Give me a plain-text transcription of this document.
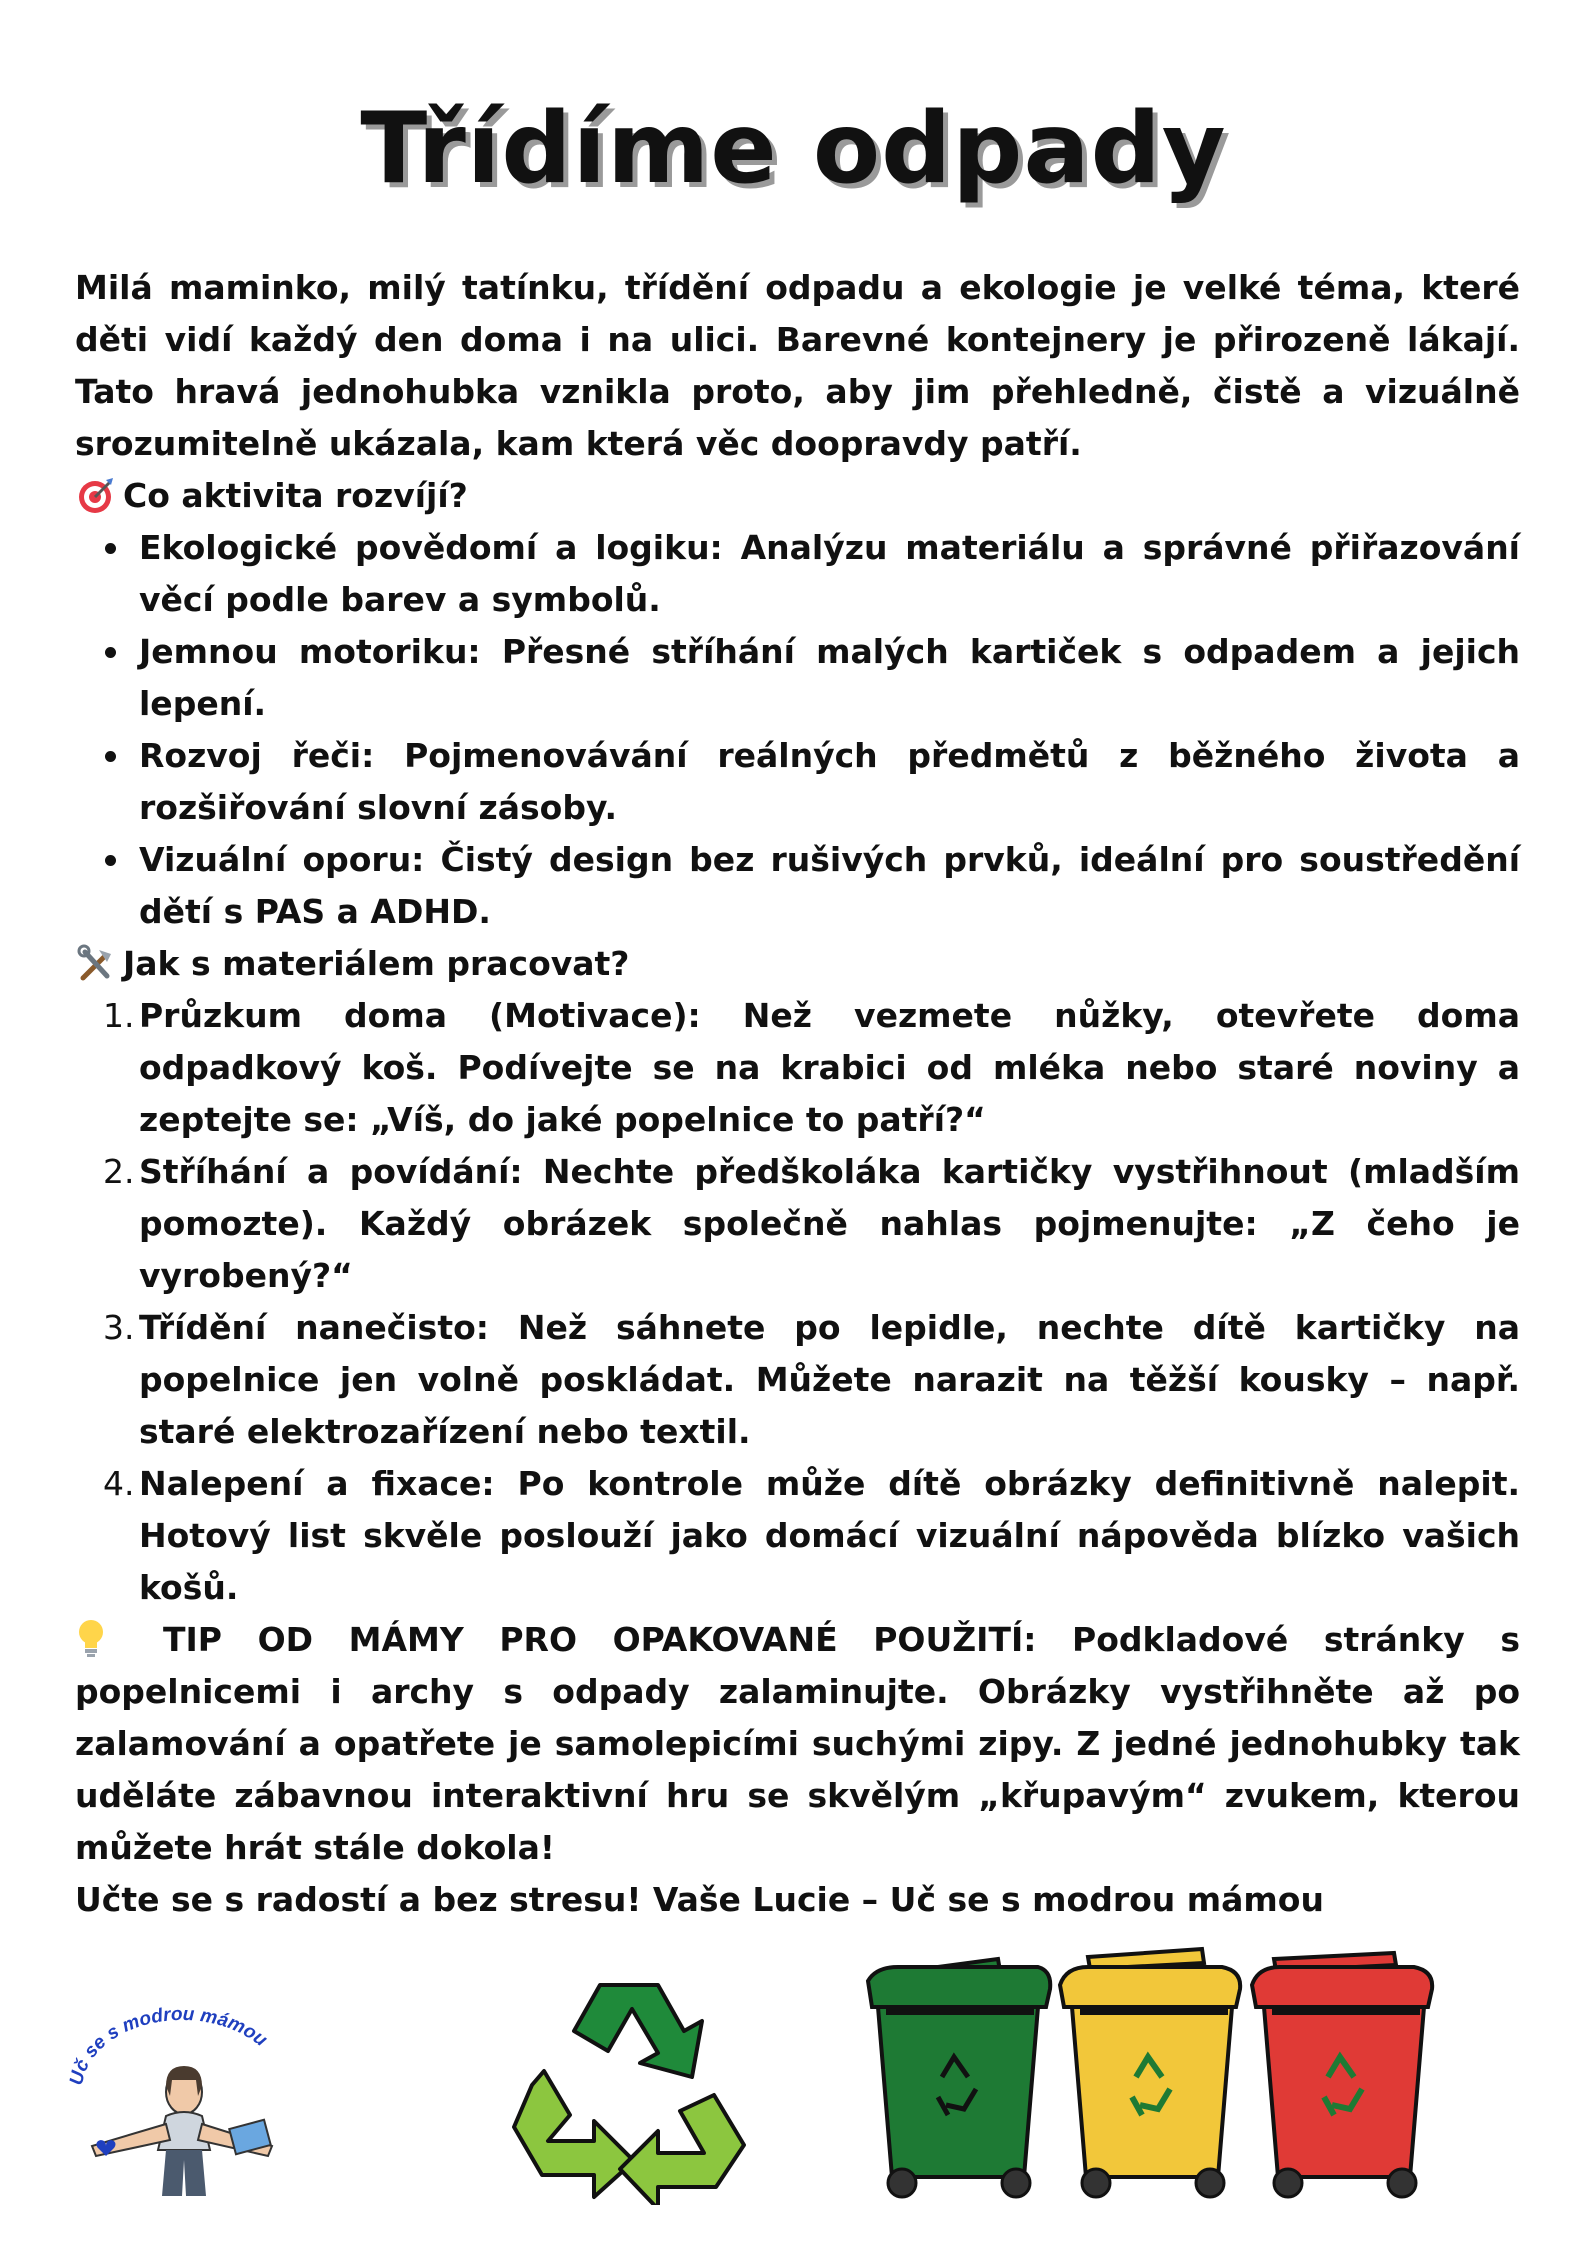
Třídíme odpady

Milá maminko, milý tatínku, třídění odpadu a ekologie je velké téma, které děti vidí každý den doma i na ulici. Barevné kontejnery je přirozeně lákají. Tato hravá jednohubka vznikla proto, aby jim přehledně, čistě a vizuálně srozumitelně ukázala, kam která věc doopravdy patří.

Co aktivita rozvíjí?
Ekologické povědomí a logiku: Analýzu materiálu a správné přiřazování věcí podle barev a symbolů.
Jemnou motoriku: Přesné stříhání malých kartiček s odpadem a jejich lepení.
Rozvoj řeči: Pojmenovávání reálných předmětů z běžného života a rozšiřování slovní zásoby.
Vizuální oporu: Čistý design bez rušivých prvků, ideální pro soustředění dětí s PAS a ADHD.
Jak s materiálem pracovat?
1. Průzkum doma (Motivace): Než vezmete nůžky, otevřete doma odpadkový koš. Podívejte se na krabici od mléka nebo staré noviny a zeptejte se: „Víš, do jaké popelnice to patří?“
2. Stříhání a povídání: Nechte předškoláka kartičky vystřihnout (mladším pomozte). Každý obrázek společně nahlas pojmenujte: „Z čeho je vyrobený?“
3. Třídění nanečisto: Než sáhnete po lepidle, nechte dítě kartičky na popelnice jen volně poskládat. Můžete narazit na těžší kousky – např. staré elektrozařízení nebo textil.
4. Nalepení a fixace: Po kontrole může dítě obrázky definitivně nalepit. Hotový list skvěle poslouží jako domácí vizuální nápověda blízko vašich košů.

TIP OD MÁMY PRO OPAKOVANÉ POUŽITÍ: Podkladové stránky s popelnicemi i archy s odpady zalaminujte. Obrázky vystřihněte až po zalamování a opatřete je samolepicími suchými zipy. Z jedné jednohubky tak uděláte zábavnou interaktivní hru se skvělým „křupavým“ zvukem, kterou můžete hrát stále dokola!

Učte se s radostí a bez stresu! Vaše Lucie – Uč se s modrou mámou

Uč se s modrou mámou
